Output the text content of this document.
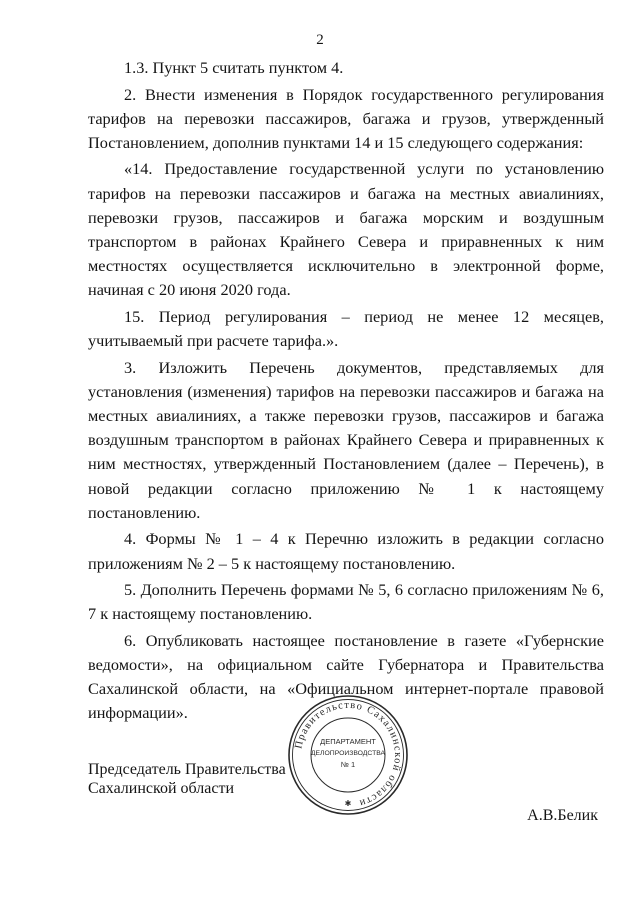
2

1.3. Пункт 5 считать пунктом 4.

2. Внести изменения в Порядок государственного регулирования тарифов на перевозки пассажиров, багажа и грузов, утвержденный Постановлением, дополнив пунктами 14 и 15 следующего содержания:

«14. Предоставление государственной услуги по установлению тарифов на перевозки пассажиров и багажа на местных авиалиниях, перевозки грузов, пассажиров и багажа морским и воздушным транспортом в районах Крайнего Севера и приравненных к ним местностях осуществляется исключительно в электронной форме, начиная с 20 июня 2020 года.

15. Период регулирования – период не менее 12 месяцев, учитываемый при расчете тарифа.».

3. Изложить Перечень документов, представляемых для установления (изменения) тарифов на перевозки пассажиров и багажа на местных авиалиниях, а также перевозки грузов, пассажиров и багажа воздушным транспортом в районах Крайнего Севера и приравненных к ним местностях, утвержденный Постановлением (далее – Перечень), в новой редакции согласно приложению № 1 к настоящему постановлению.

4. Формы № 1 – 4 к Перечню изложить в редакции согласно приложениям № 2 – 5 к настоящему постановлению.

5. Дополнить Перечень формами № 5, 6 согласно приложениям № 6, 7 к настоящему постановлению.

6. Опубликовать настоящее постановление в газете «Губернские ведомости», на официальном сайте Губернатора и Правительства Сахалинской области, на «Официальном интернет-портале правовой информации».

Правительство Сахалинской области
✱
ДЕПАРТАМЕНТ
ДЕЛОПРОИЗВОДСТВА
№ 1
Председатель Правительства
Сахалинской области
А.В.Белик
